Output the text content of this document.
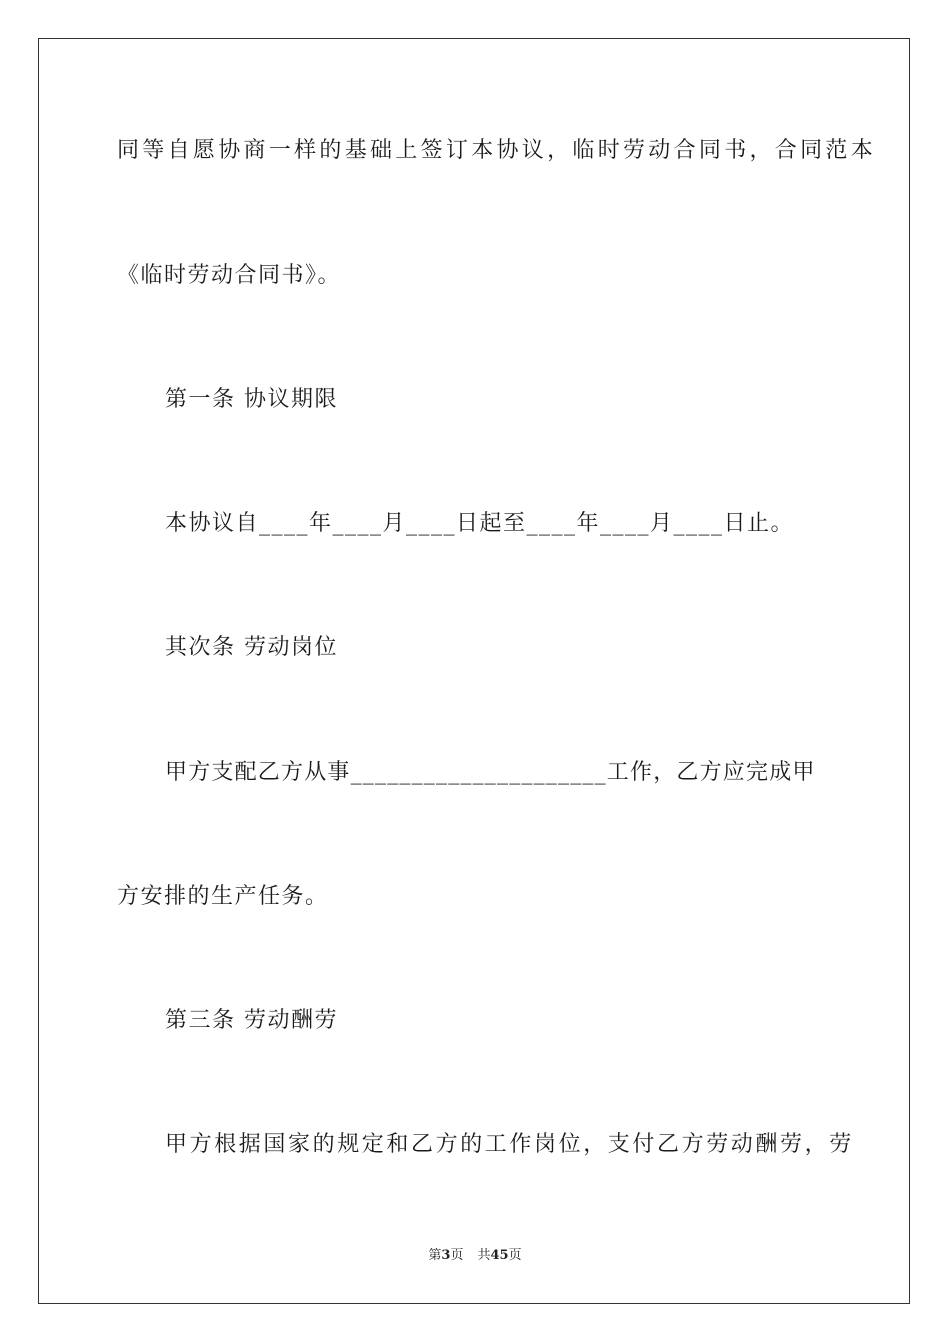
同等自愿协商一样的基础上签订本协议，临时劳动合同书，合同范本
《临时劳动合同书》。
第一条 协议期限
本协议自____年____月____日起至____年____月____日止。
其次条 劳动岗位
甲方支配乙方从事_____________________工作，乙方应完成甲
方安排的生产任务。
第三条 劳动酬劳
甲方根据国家的规定和乙方的工作岗位，支付乙方劳动酬劳，劳
第3页 共45页
